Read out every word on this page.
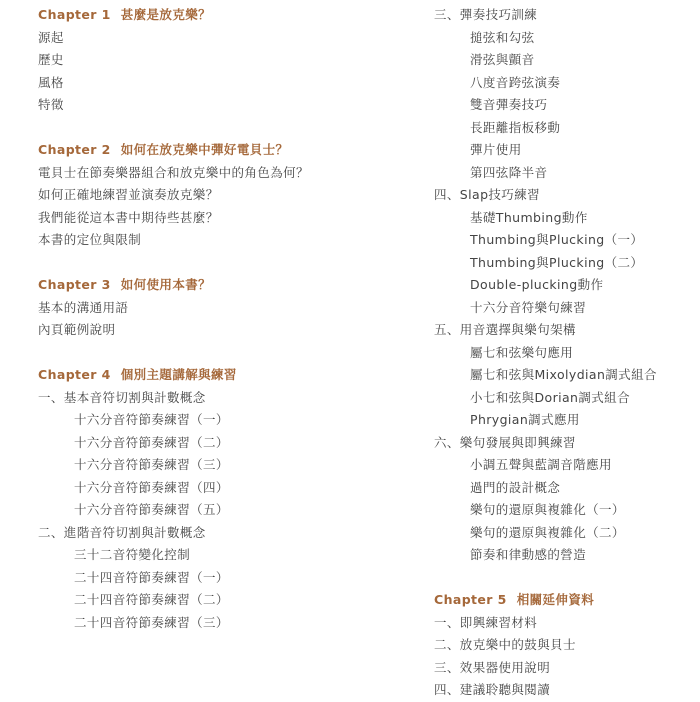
Chapter 1 甚麼是放克樂？
源起
歷史
風格
特徵
Chapter 2 如何在放克樂中彈好電貝士？
電貝士在節奏樂器組合和放克樂中的角色為何？
如何正確地練習並演奏放克樂？
我們能從這本書中期待些甚麼？
本書的定位與限制
Chapter 3 如何使用本書？
基本的溝通用語
內頁範例說明
Chapter 4 個別主題講解與練習
一、基本音符切割與計數概念
十六分音符節奏練習（一）
十六分音符節奏練習（二）
十六分音符節奏練習（三）
十六分音符節奏練習（四）
十六分音符節奏練習（五）
二、進階音符切割與計數概念
三十二音符變化控制
二十四音符節奏練習（一）
二十四音符節奏練習（二）
二十四音符節奏練習（三）
三、彈奏技巧訓練
搥弦和勾弦
滑弦與顫音
八度音跨弦演奏
雙音彈奏技巧
長距離指板移動
彈片使用
第四弦降半音
四、Slap技巧練習
基礎Thumbing動作
Thumbing與Plucking（一）
Thumbing與Plucking（二）
Double-plucking動作
十六分音符樂句練習
五、用音選擇與樂句架構
屬七和弦樂句應用
屬七和弦與Mixolydian調式組合
小七和弦與Dorian調式組合
Phrygian調式應用
六、樂句發展與即興練習
小調五聲與藍調音階應用
過門的設計概念
樂句的還原與複雜化（一）
樂句的還原與複雜化（二）
節奏和律動感的營造
Chapter 5 相關延伸資料
一、即興練習材料
二、放克樂中的鼓與貝士
三、效果器使用說明
四、建議聆聽與閱讀
